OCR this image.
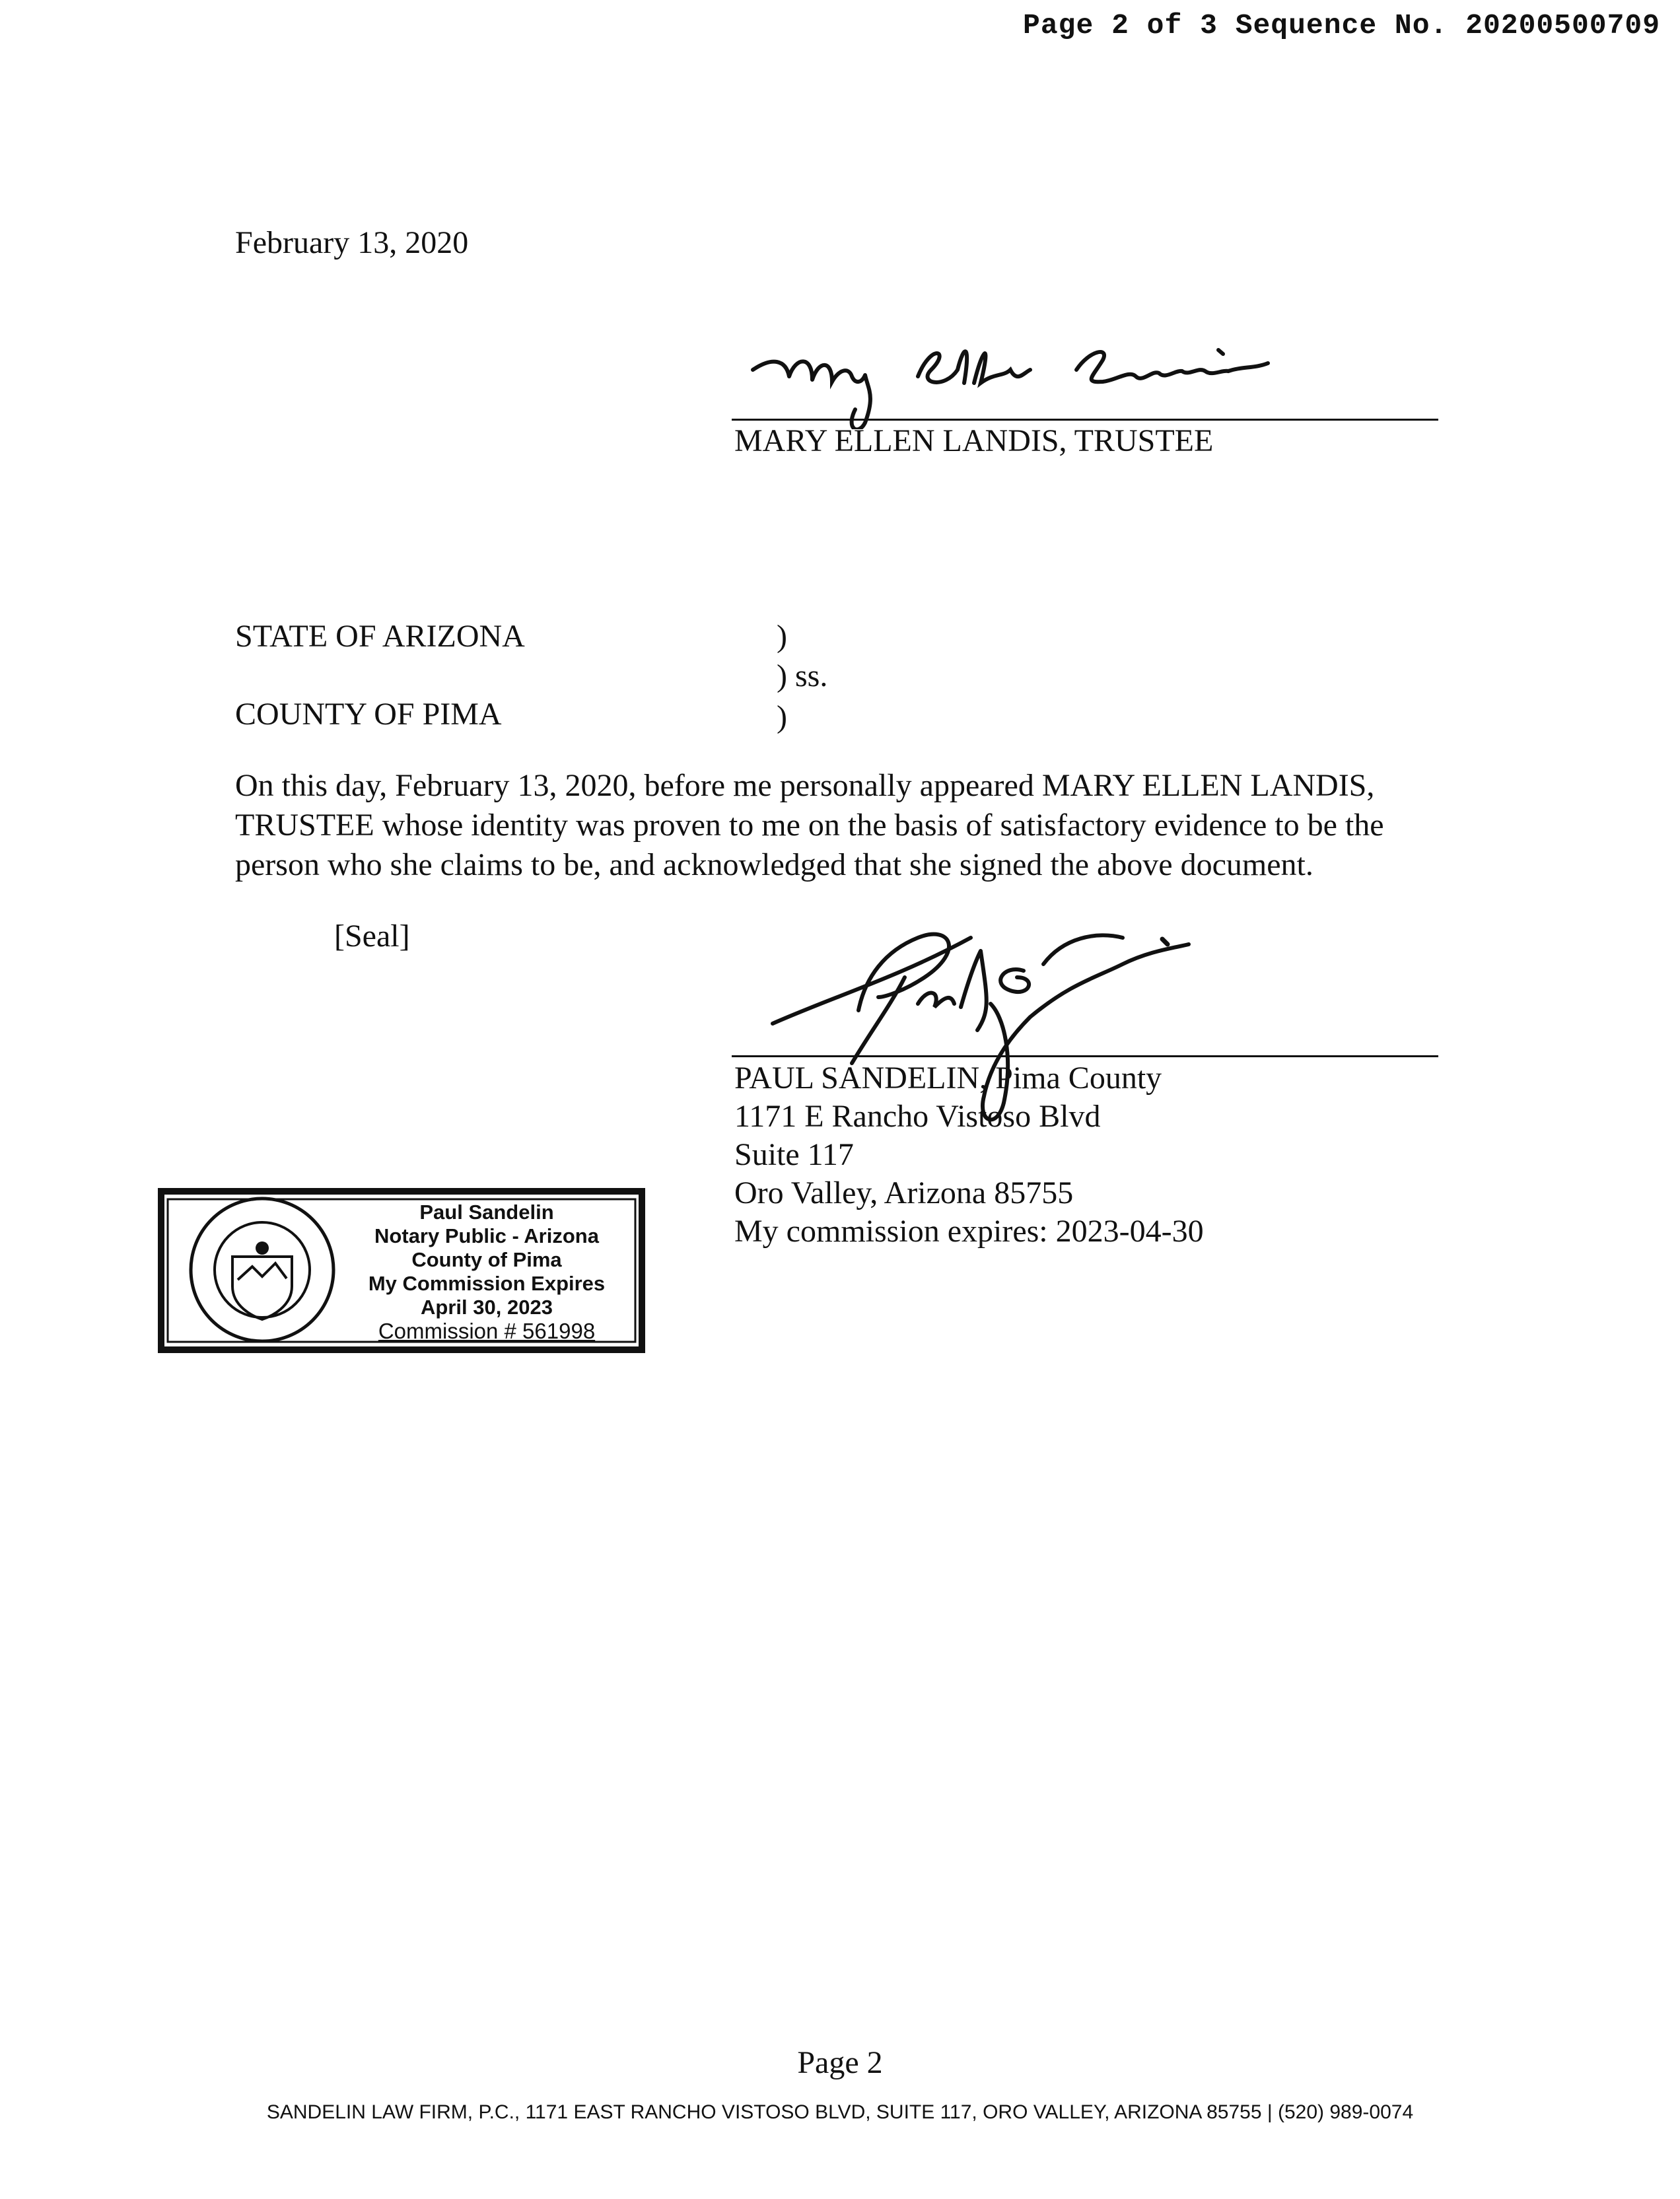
Page 2 of 3 Sequence No. 20200500709
February 13, 2020
MARY ELLEN LANDIS, TRUSTEE
STATE OF ARIZONA
COUNTY OF PIMA
)
) ss.
)
On this day, February 13, 2020, before me personally appeared MARY ELLEN LANDIS, TRUSTEE whose identity was proven to me on the basis of satisfactory evidence to be the person who she claims to be, and acknowledged that she signed the above document.
[Seal]
PAUL SANDELIN, Pima County
1171 E Rancho Vistoso Blvd
Suite 117
Oro Valley, Arizona 85755
My commission expires: 2023-04-30
Paul Sandelin
Notary Public - Arizona
County of Pima
My Commission Expires
April 30, 2023
Commission # 561998
Page 2
SANDELIN LAW FIRM, P.C., 1171 EAST RANCHO VISTOSO BLVD, SUITE 117, ORO VALLEY, ARIZONA 85755 | (520) 989-0074
